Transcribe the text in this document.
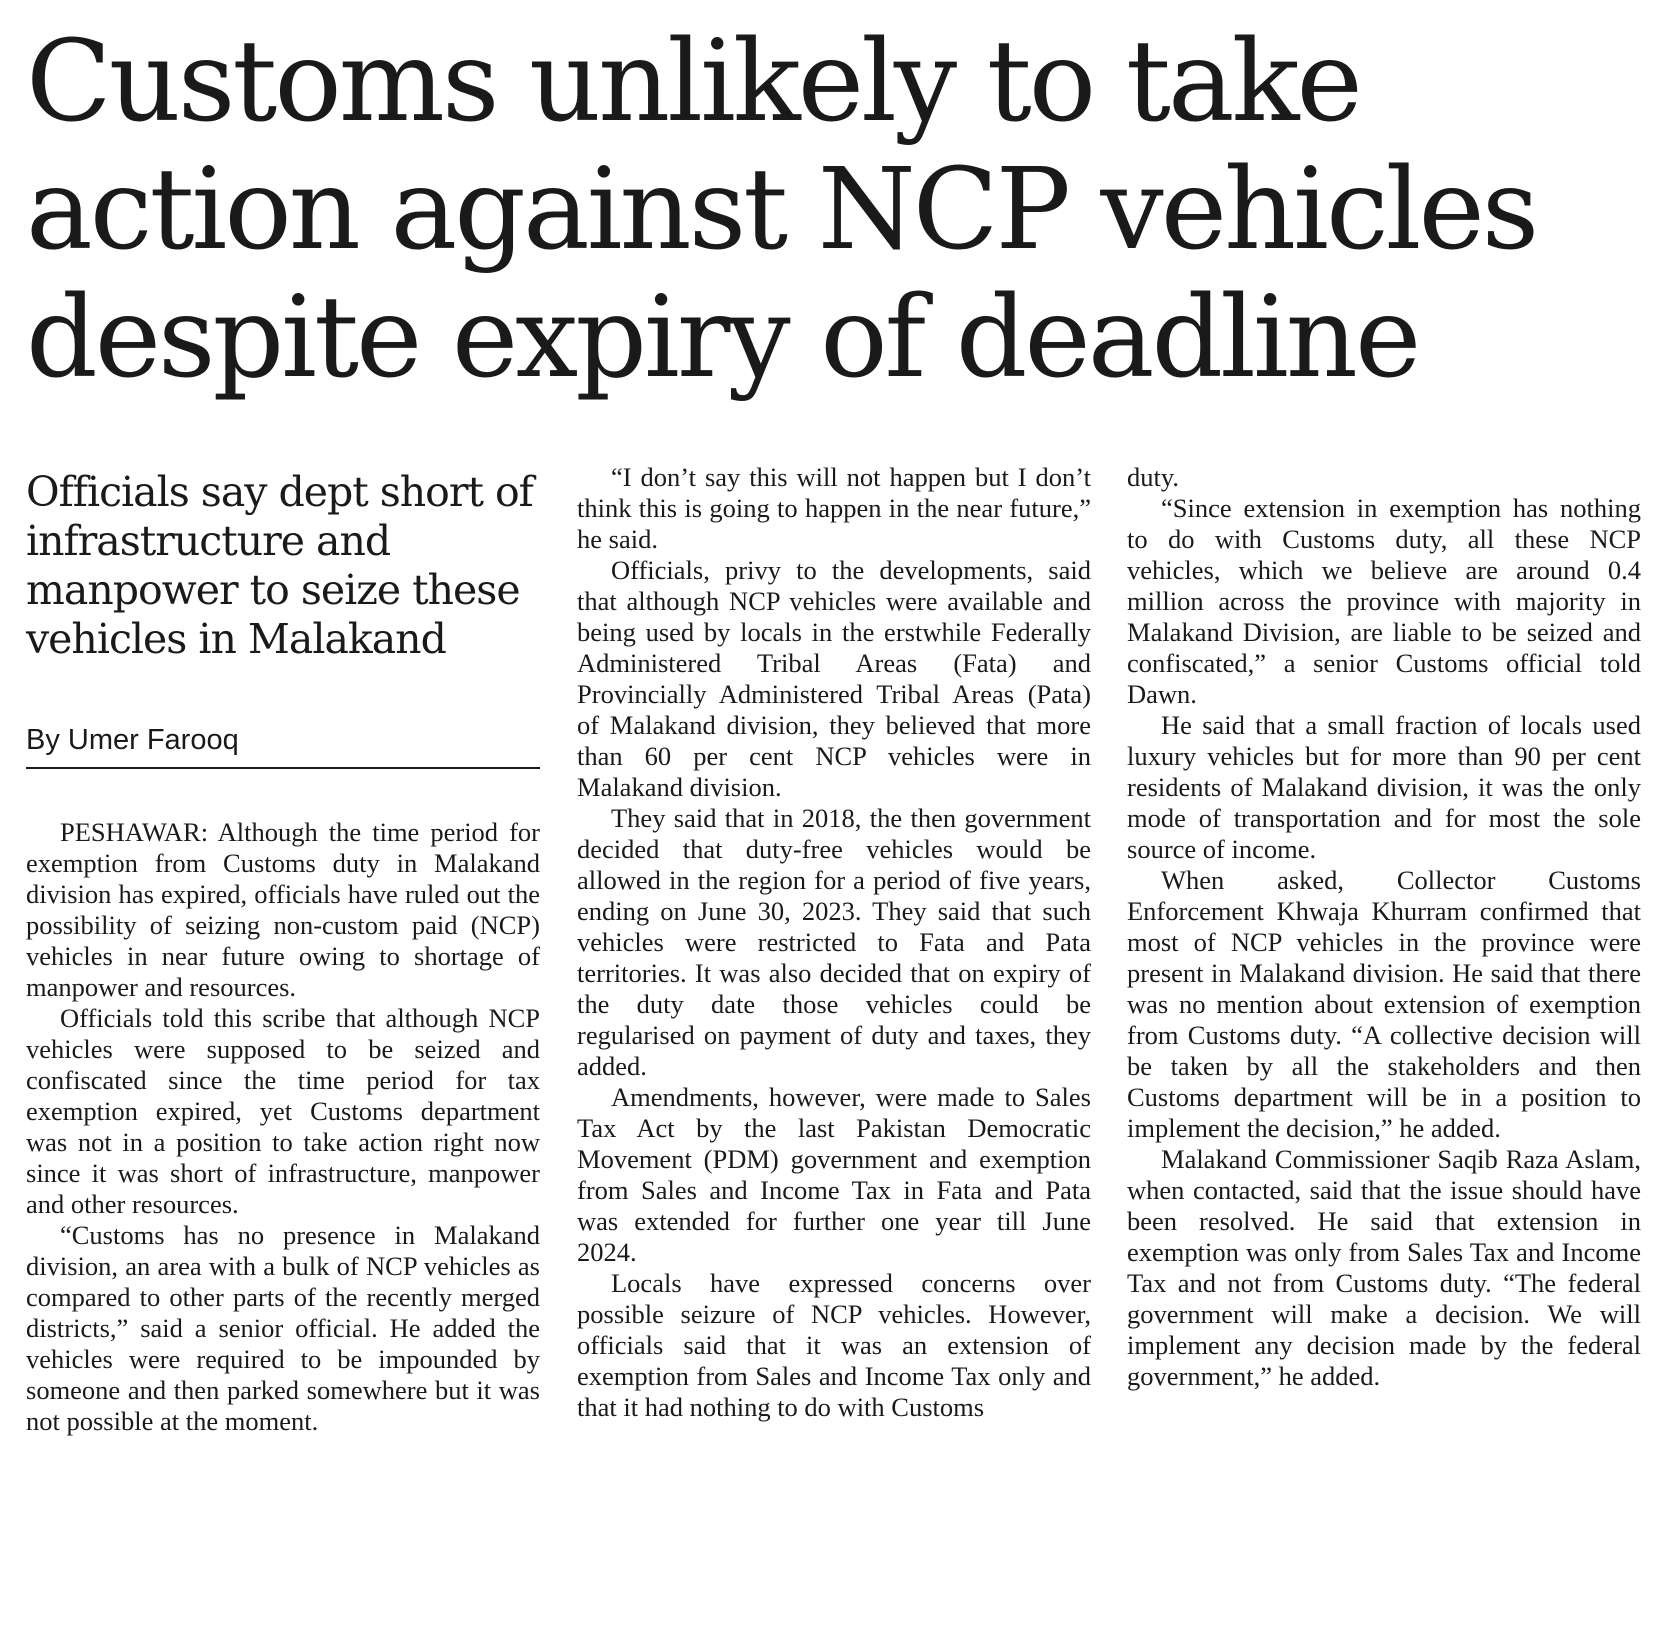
Customs unlikely to take
action against NCP vehicles
despite expiry of deadline
Officials say dept short of infrastructure and manpower to seize these vehicles in Malakand
By Umer Farooq

PESHAWAR: Although the time period for exemption from Customs duty in Malakand division has expired, officials have ruled out the possibility of seizing non-custom paid (NCP) vehicles in near future owing to shortage of manpower and resources.

Officials told this scribe that although NCP vehicles were supposed to be seized and confiscated since the time period for tax exemption expired, yet Customs department was not in a position to take action right now since it was short of infrastructure, manpower and other resources.

“Customs has no presence in Malakand division, an area with a bulk of NCP vehicles as compared to other parts of the recently merged districts,” said a senior official. He added the vehicles were required to be impounded by someone and then parked somewhere but it was not possible at the moment.

“I don’t say this will not happen but I don’t think this is going to happen in the near future,” he said.

Officials, privy to the developments, said that although NCP vehicles were available and being used by locals in the erstwhile Federally Administered Tribal Areas (Fata) and Provincially Administered Tribal Areas (Pata) of Malakand division, they believed that more than 60 per cent NCP vehicles were in Malakand division.

They said that in 2018, the then government decided that duty-free vehicles would be allowed in the region for a period of five years, ending on June 30, 2023. They said that such vehicles were restricted to Fata and Pata territories. It was also decided that on expiry of the duty date those vehicles could be regularised on payment of duty and taxes, they added.

Amendments, however, were made to Sales Tax Act by the last Pakistan Democratic Movement (PDM) government and exemption from Sales and Income Tax in Fata and Pata was extended for further one year till June 2024.

Locals have expressed concerns over possible seizure of NCP vehicles. However, officials said that it was an extension of exemption from Sales and Income Tax only and that it had nothing to do with Customs

duty.

“Since extension in exemption has nothing to do with Customs duty, all these NCP vehicles, which we believe are around 0.4 million across the province with majority in Malakand Division, are liable to be seized and confiscated,” a senior Customs official told Dawn.

He said that a small fraction of locals used luxury vehicles but for more than 90 per cent residents of Malakand division, it was the only mode of transportation and for most the sole source of income.

When asked, Collector Customs Enforcement Khwaja Khurram confirmed that most of NCP vehicles in the province were present in Malakand division. He said that there was no mention about extension of exemption from Customs duty. “A collective decision will be taken by all the stakeholders and then Customs department will be in a position to implement the decision,” he added.

Malakand Commissioner Saqib Raza Aslam, when contacted, said that the issue should have been resolved. He said that extension in exemption was only from Sales Tax and Income Tax and not from Customs duty. “The federal government will make a decision. We will implement any decision made by the federal government,” he added.
